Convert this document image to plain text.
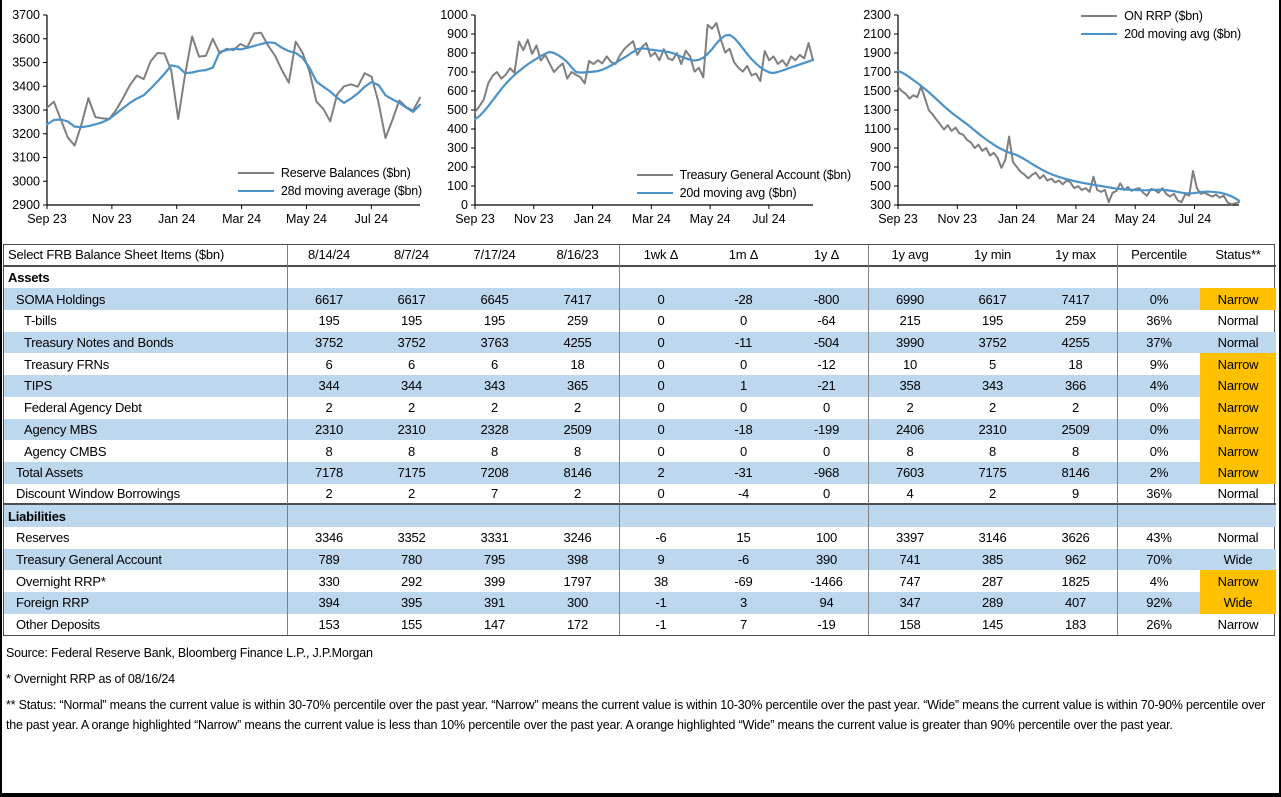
2900
3000
3100
3200
3300
3400
3500
3600
3700
Sep 23 Nov 23 Jan 24 Mar 24 May 24 Jul 24
Reserve Balances ($bn)
28d moving average ($bn)
0
100
200
300
400
500
600
700
800
900
1000
Sep 23 Nov 23 Jan 24 Mar 24 May 24 Jul 24
Treasury General Account ($bn)
20d moving avg ($bn)
300
500
700
900
1100
1300
1500
1700
1900
2100
2300
Sep 23 Nov 23 Jan 24 Mar 24 May 24 Jul 24
ON RRP ($bn)
20d moving avg ($bn)
Select FRB Balance Sheet Items ($bn)	8/14/24	8/7/24	7/17/24	8/16/23	1wk Δ	1m Δ	1y Δ	1y avg	1y min	1y max	Percentile	Status**
Assets
SOMA Holdings	6617	6617	6645	7417	0	-28	-800	6990	6617	7417	0%	Narrow
T-bills	195	195	195	259	0	0	-64	215	195	259	36%	Normal
Treasury Notes and Bonds	3752	3752	3763	4255	0	-11	-504	3990	3752	4255	37%	Normal
Treasury FRNs	6	6	6	18	0	0	-12	10	5	18	9%	Narrow
TIPS	344	344	343	365	0	1	-21	358	343	366	4%	Narrow
Federal Agency Debt	2	2	2	2	0	0	0	2	2	2	0%	Narrow
Agency MBS	2310	2310	2328	2509	0	-18	-199	2406	2310	2509	0%	Narrow
Agency CMBS	8	8	8	8	0	0	0	8	8	8	0%	Narrow
Total Assets	7178	7175	7208	8146	2	-31	-968	7603	7175	8146	2%	Narrow
Discount Window Borrowings	2	2	7	2	0	-4	0	4	2	9	36%	Normal
Liabilities
Reserves	3346	3352	3331	3246	-6	15	100	3397	3146	3626	43%	Normal
Treasury General Account	789	780	795	398	9	-6	390	741	385	962	70%	Wide
Overnight RRP*	330	292	399	1797	38	-69	-1466	747	287	1825	4%	Narrow
Foreign RRP	394	395	391	300	-1	3	94	347	289	407	92%	Wide
Other Deposits	153	155	147	172	-1	7	-19	158	145	183	26%	Narrow

Source: Federal Reserve Bank, Bloomberg Finance L.P., J.P.Morgan

* Overnight RRP as of 08/16/24

** Status: “Normal” means the current value is within 30-70% percentile over the past year. “Narrow” means the current value is within 10-30% percentile over the past year. “Wide” means the current value is within 70-90% percentile over the past year. A orange highlighted “Narrow” means the current value is less than 10% percentile over the past year. A orange highlighted “Wide” means the current value is greater than 90% percentile over the past year.
